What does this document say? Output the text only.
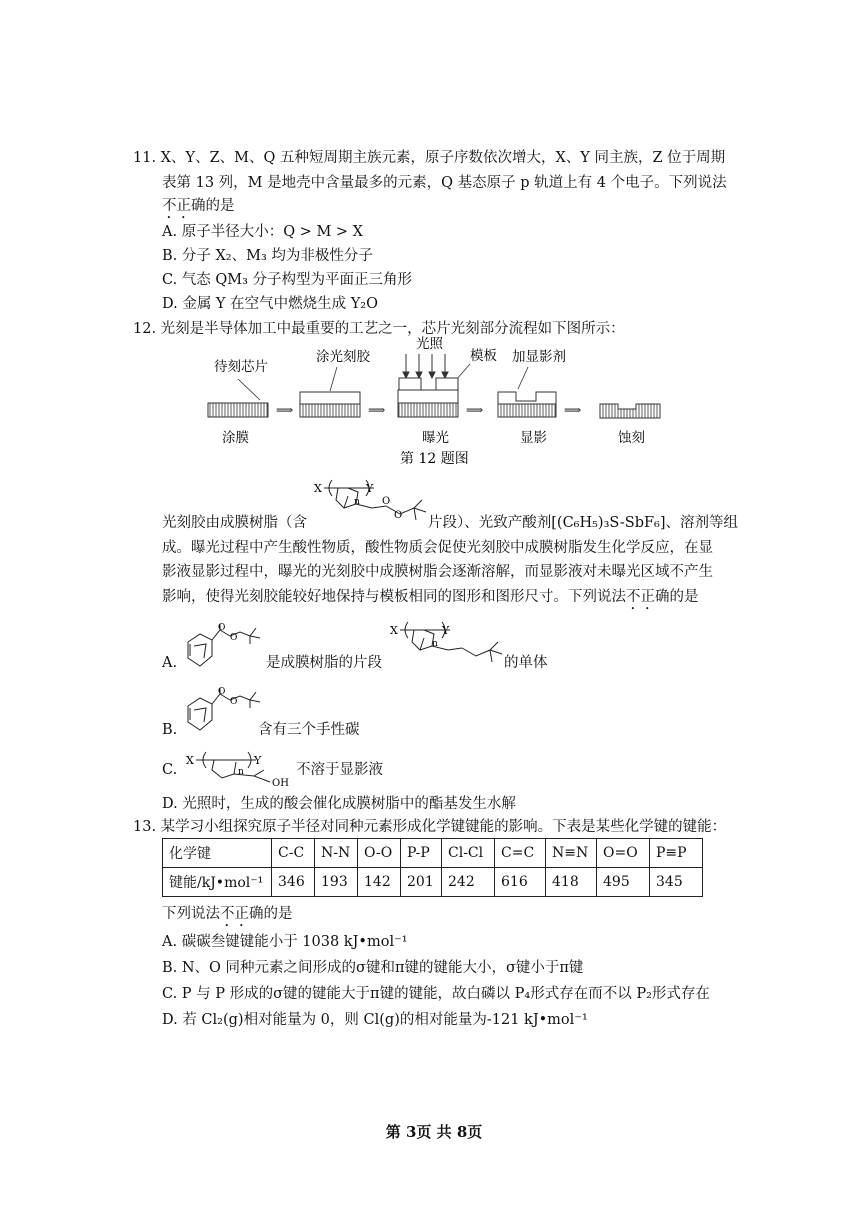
11. X、Y、Z、M、Q 五种短周期主族元素，原子序数依次增大，X、Y 同主族，Z 位于周期
表第 13 列，M 是地壳中含量最多的元素，Q 基态原子 p 轨道上有 4 个电子。下列说法
不正确的是
A. 原子半径大小：Q > M > X
B. 分子 X₂、M₃ 均为非极性分子
C. 气态 QM₃ 分子构型为平面正三角形
D. 金属 Y 在空气中燃烧生成 Y₂O
12. 光刻是半导体加工中最重要的工艺之一，芯片光刻部分流程如下图所示：
待刻芯片
⟹
涂光刻胶
⟹
光照
模板
⟹
加显影剂
⟹
涂膜	曝光	显影	蚀刻
第 12 题图
光刻胶由成膜树脂（含
X	Y
n O
O 片段）、光致产酸剂[(C₆H₅)₃S-SbF₆]、溶剂等组
成。曝光过程中产生酸性物质，酸性物质会促使光刻胶中成膜树脂发生化学反应，在显
影液显影过程中，曝光的光刻胶中成膜树脂会逐渐溶解，而显影液对未曝光区域不产生
影响，使得光刻胶能较好地保持与模板相同的图形和图形尺寸。下列说法不正确的是
A.
O
O
是成膜树脂的片段
X	Y
n
的单体
B.
O
O
含有三个手性碳
C.
X	Y
n
OH
不溶于显影液
D. 光照时，生成的酸会催化成膜树脂中的酯基发生水解
13. 某学习小组探究原子半径对同种元素形成化学键键能的影响。下表是某些化学键的键能：
化学键	C-C	N-N	O-O	P-P	Cl-Cl	C=C	N≡N	O=O	P≡P
键能/kJ•mol⁻¹	346	193	142	201	242	616	418	495	345
下列说法不正确的是
A. 碳碳叁键键能小于 1038 kJ•mol⁻¹
B. N、O 同种元素之间形成的σ键和π键的键能大小，σ键小于π键
C. P 与 P 形成的σ键的键能大于π键的键能，故白磷以 P₄形式存在而不以 P₂形式存在
D. 若 Cl₂(g)相对能量为 0，则 Cl(g)的相对能量为-121 kJ•mol⁻¹
第 3页 共 8页
